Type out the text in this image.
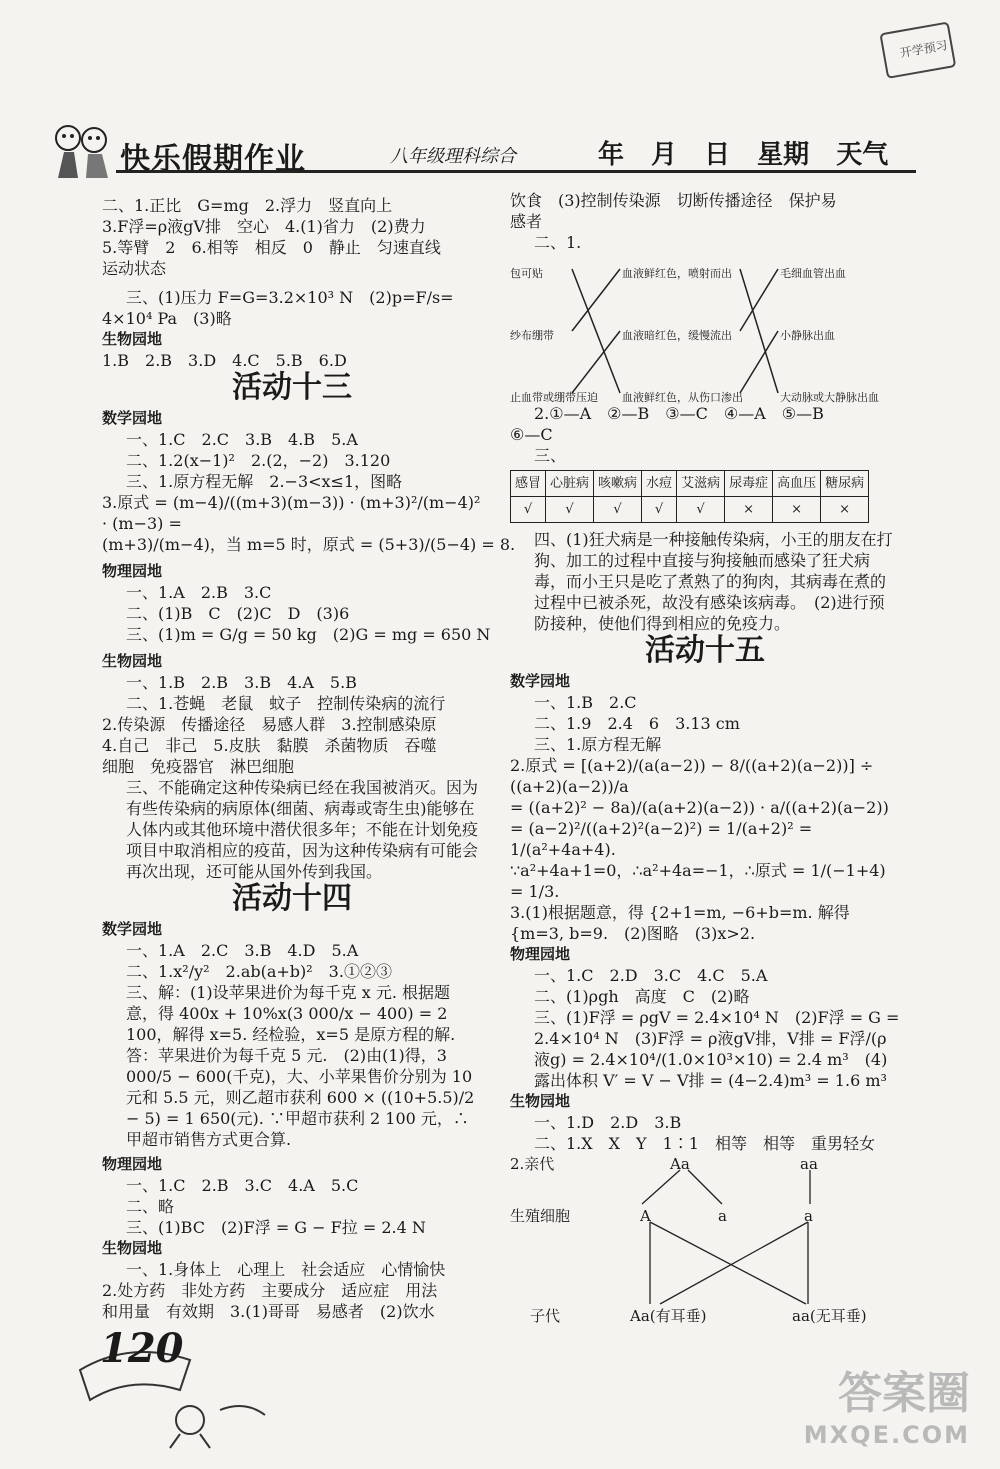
快乐假期作业	八年级理科综合	年 月 日 星期 天气
开学预习

二、1.正比　G=mg　2.浮力　竖直向上

3.F浮=ρ液gV排　空心　4.(1)省力　(2)费力

5.等臂　2　6.相等　相反　0　静止　匀速直线

运动状态

三、(1)压力 F=G=3.2×10³ N　(2)p=F/s=

4×10⁴ Pa　(3)略

生物园地

1.B　2.B　3.D　4.C　5.B　6.D

活动十三

数学园地

一、1.C　2.C　3.B　4.B　5.A

二、1.2(x−1)²　2.(2，−2)　3.120

三、1.原方程无解　2.−3<x≤1，图略

3.原式 = (m−4)/((m+3)(m−3)) · (m+3)²/(m−4)² · (m−3) =

(m+3)/(m−4)，当 m=5 时，原式 = (5+3)/(5−4) = 8.

物理园地

一、1.A　2.B　3.C

二、(1)B　C　(2)C　D　(3)6

三、(1)m = G/g = 50 kg　(2)G = mg = 650 N

生物园地

一、1.B　2.B　3.B　4.A　5.B

二、1.苍蝇　老鼠　蚊子　控制传染病的流行

2.传染源　传播途径　易感人群　3.控制感染原

4.自己　非己　5.皮肤　黏膜　杀菌物质　吞噬

细胞　免疫器官　淋巴细胞

三、不能确定这种传染病已经在我国被消灭。因为有些传染病的病原体(细菌、病毒或寄生虫)能够在人体内或其他环境中潜伏很多年；不能在计划免疫项目中取消相应的疫苗，因为这种传染病有可能会再次出现，还可能从国外传到我国。

活动十四

数学园地

一、1.A　2.C　3.B　4.D　5.A

二、1.x²/y²　2.ab(a+b)²　3.①②③

三、解：(1)设苹果进价为每千克 x 元. 根据题意，得 400x + 10%x(3 000/x − 400) = 2 100，解得 x=5. 经检验，x=5 是原方程的解. 答：苹果进价为每千克 5 元.　(2)由(1)得，3 000/5 − 600(千克)，大、小苹果售价分别为 10 元和 5.5 元，则乙超市获利 600 × ((10+5.5)/2 − 5) = 1 650(元). ∵甲超市获利 2 100 元，∴甲超市销售方式更合算.

物理园地

一、1.C　2.B　3.C　4.A　5.C

二、略

三、(1)BC　(2)F浮 = G − F拉 = 2.4 N

生物园地

一、1.身体上　心理上　社会适应　心情愉快

2.处方药　非处方药　主要成分　适应症　用法

和用量　有效期　3.(1)哥哥　易感者　(2)饮水

饮食　(3)控制传染源　切断传播途径　保护易

感者

二、1.

包可贴
纱布绷带
止血带或绷带压迫
血液鲜红色，喷射而出
血液暗红色，缓慢流出
血液鲜红色，从伤口渗出
毛细血管出血
小静脉出血
大动脉或大静脉出血

2.①—A　②—B　③—C　④—A　⑤—B

⑥—C

三、

感冒	心脏病	咳嗽病	水痘	艾滋病	尿毒症	高血压	糖尿病
√	√	√	√	√	×	×	×

四、(1)狂犬病是一种接触传染病，小王的朋友在打狗、加工的过程中直接与狗接触而感染了狂犬病毒，而小王只是吃了煮熟了的狗肉，其病毒在煮的过程中已被杀死，故没有感染该病毒。　(2)进行预防接种，使他们得到相应的免疫力。

活动十五

数学园地

一、1.B　2.C

二、1.9　2.4　6　3.13 cm

三、1.原方程无解

2.原式 = [(a+2)/(a(a−2)) − 8/((a+2)(a−2))] ÷ ((a+2)(a−2))/a

= ((a+2)² − 8a)/(a(a+2)(a−2)) · a/((a+2)(a−2))

= (a−2)²/((a+2)²(a−2)²) = 1/(a+2)² = 1/(a²+4a+4).

∵a²+4a+1=0，∴a²+4a=−1，∴原式 = 1/(−1+4) = 1/3.

3.(1)根据题意，得 {2+1=m, −6+b=m. 解得 {m=3, b=9.　(2)图略　(3)x>2.

物理园地

一、1.C　2.D　3.C　4.C　5.A

二、(1)ρgh　高度　C　(2)略

三、(1)F浮 = ρgV = 2.4×10⁴ N　(2)F浮 = G = 2.4×10⁴ N　(3)F浮 = ρ液gV排，V排 = F浮/(ρ液g) = 2.4×10⁴/(1.0×10³×10) = 2.4 m³　(4)露出体积 V′ = V − V排 = (4−2.4)m³ = 1.6 m³

生物园地

一、1.D　2.D　3.B

二、1.X　X　Y　1∶1　相等　相等　重男轻女

2.亲代	Aa	aa
生殖细胞	A	a	a
子代	Aa(有耳垂)	aa(无耳垂)
120
答案圈
MXQE.COM
